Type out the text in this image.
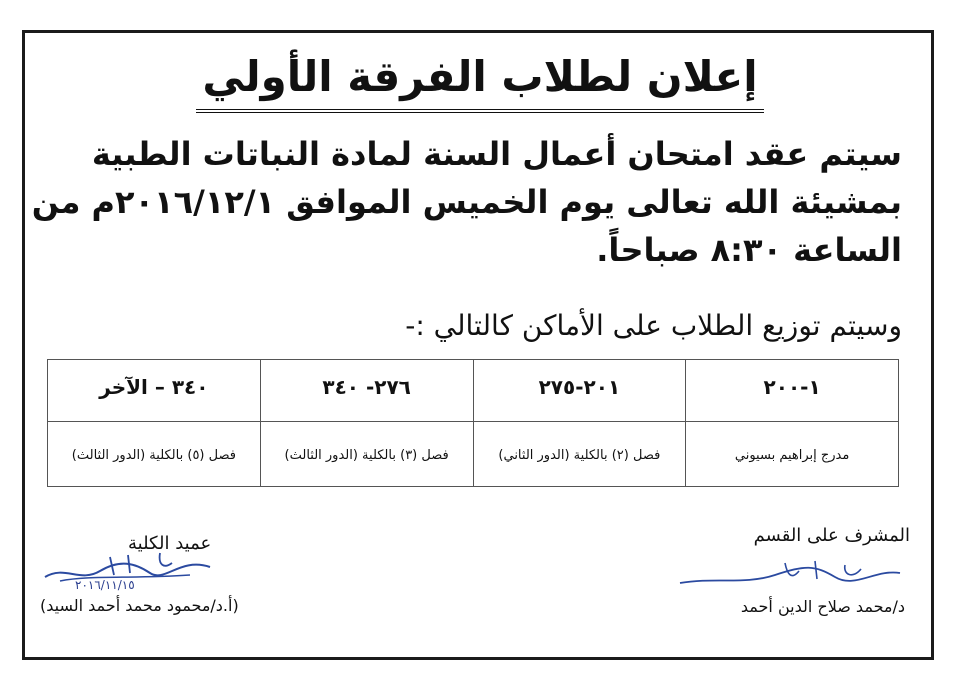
إعلان لطلاب الفرقة الأولي
سيتم عقد امتحان أعمال السنة لمادة النباتات الطبية
بمشيئة الله تعالى يوم الخميس الموافق ٢٠١٦/١٢/١م من
الساعة ٨:٣٠ صباحاً.
وسيتم توزيع الطلاب على الأماكن كالتالي :-
١-٢٠٠	٢٠١-٢٧٥	٢٧٦- ٣٤٠	٣٤٠ – الآخر
مدرج إبراهيم بسيوني	فصل (٢) بالكلية (الدور الثاني)	فصل (٣) بالكلية (الدور الثالث)	فصل (٥) بالكلية (الدور الثالث)
عميد الكلية
٢٠١٦/١١/١٥
(أ.د/محمود محمد أحمد السيد)
المشرف على القسم
د/محمد صلاح الدين أحمد
